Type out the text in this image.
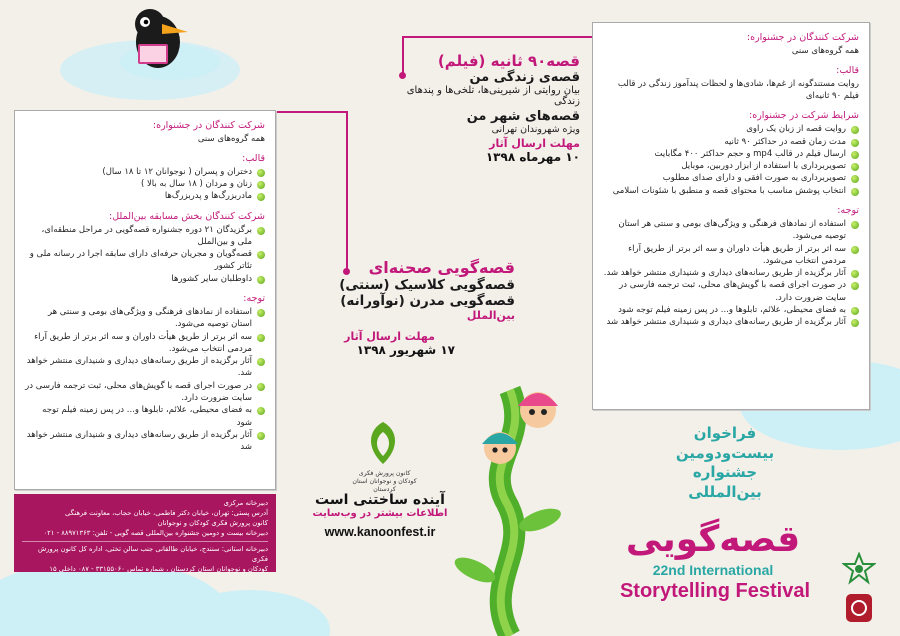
شرکت کنندگان در جشنواره:
همه گروه‌های سنی
قالب:
دختران و پسران ( نوجوانان ۱۲ تا ۱۸ سال)
زنان و مردان ( ۱۸ سال به بالا )
مادربزرگ‌ها و پدربزرگ‌ها
شرکت کنندگان بخش مسابقه بین‌الملل:
برگزیدگان ۲۱ دوره جشنواره قصه‌گویی در مراحل منطقه‌ای، ملی و بین‌الملل
قصه‌گویان و مجریان حرفه‌ای دارای سابقه اجرا در رسانه ملی و تئاتر کشور
داوطلبان سایر کشورها
توجه:
استفاده از نمادهای فرهنگی و ویژگی‌های بومی و سنتی هر استان توصیه می‌شود.
سه اثر برتر از طریق هیأت داوران و سه اثر برتر از طریق آراء مردمی انتخاب می‌شود.
آثار برگزیده از طریق رسانه‌های دیداری و شنیداری منتشر خواهد شد.
در صورت اجرای قصه با گویش‌های محلی، ثبت ترجمه فارسی در سایت ضرورت دارد.
به فضای محیطی، علائم، تابلوها و... در پس زمینه فیلم توجه شود
آثار برگزیده از طریق رسانه‌های دیداری و شنیداری منتشر خواهد شد
شرکت کنندگان در جشنواره:
همه گروه‌های سنی
قالب:
روایت مستندگونه از غم‌ها، شادی‌ها و لحظات پندآموز زندگی در قالب فیلم ۹۰ ثانیه‌ای
شرایط شرکت در جشنواره:
روایت قصه از زبان یک راوی
مدت زمان قصه در حداکثر ۹۰ ثانیه
ارسال فیلم در قالب mp4 و حجم حداکثر ۴۰۰ مگابایت
تصویربرداری با استفاده از ابزار دوربین، موبایل
تصویربرداری به صورت افقی و دارای صدای مطلوب
انتخاب پوشش مناسب با محتوای قصه و منطبق با شئونات اسلامی
توجه:
استفاده از نمادهای فرهنگی و ویژگی‌های بومی و سنتی هر استان توصیه می‌شود.
سه اثر برتر از طریق هیأت داوران و سه اثر برتر از طریق آراء مردمی انتخاب می‌شود.
آثار برگزیده از طریق رسانه‌های دیداری و شنیداری منتشر خواهد شد.
در صورت اجرای قصه با گویش‌های محلی، ثبت ترجمه فارسی در سایت ضرورت دارد.
به فضای محیطی، علائم، تابلوها و... در پس زمینه فیلم توجه شود
آثار برگزیده از طریق رسانه‌های دیداری و شنیداری منتشر خواهد شد
قصه۹۰ ثانیه (فیلم)
قصه‌ی زندگی من
بیان روایتی از شیرینی‌ها، تلخی‌ها و پندهای زندگی
قصه‌های شهر من
ویژه شهروندان تهرانی
مهلت ارسال آثار
۱۰ مهرماه ۱۳۹۸
قصه‌گویی صحنه‌ای
قصه‌گویی کلاسیک (سنتی)
قصه‌گویی مدرن (نوآورانه)
بین‌الملل
مهلت ارسال آثار
۱۷ شهریور ۱۳۹۸
کانون پرورش فکری کودکان و نوجوانان استان کردستان
آینده ساختنی است
اطلاعات بیشتر در وب‌سایت
www.kanoonfest.ir
فراخوان
بیست‌ودومین
جشنواره
بین‌المللی
قصه‌گویی
22nd International
Storytelling Festival
دبیرخانه مرکزی
آدرس پستی: تهران، خیابان دکتر فاطمی، خیابان حجاب، معاونت فرهنگی
کانون پرورش فکری کودکان و نوجوانان
دبیرخانه بیست و دومین جشنواره بین‌المللی قصه گویی - تلفن: ۸۸۹۷۱۳۶۳ - ۰۲۱
دبیرخانه استانی: سنندج، خیابان طالقانی جنب سالن تختی، اداره کل کانون پرورش فکری
کودکان و نوجوانان استان کردستان ، شماره تماس ۳۳۱۵۵۰۶۰ - ۰۸۷ داخلی ۱۵
